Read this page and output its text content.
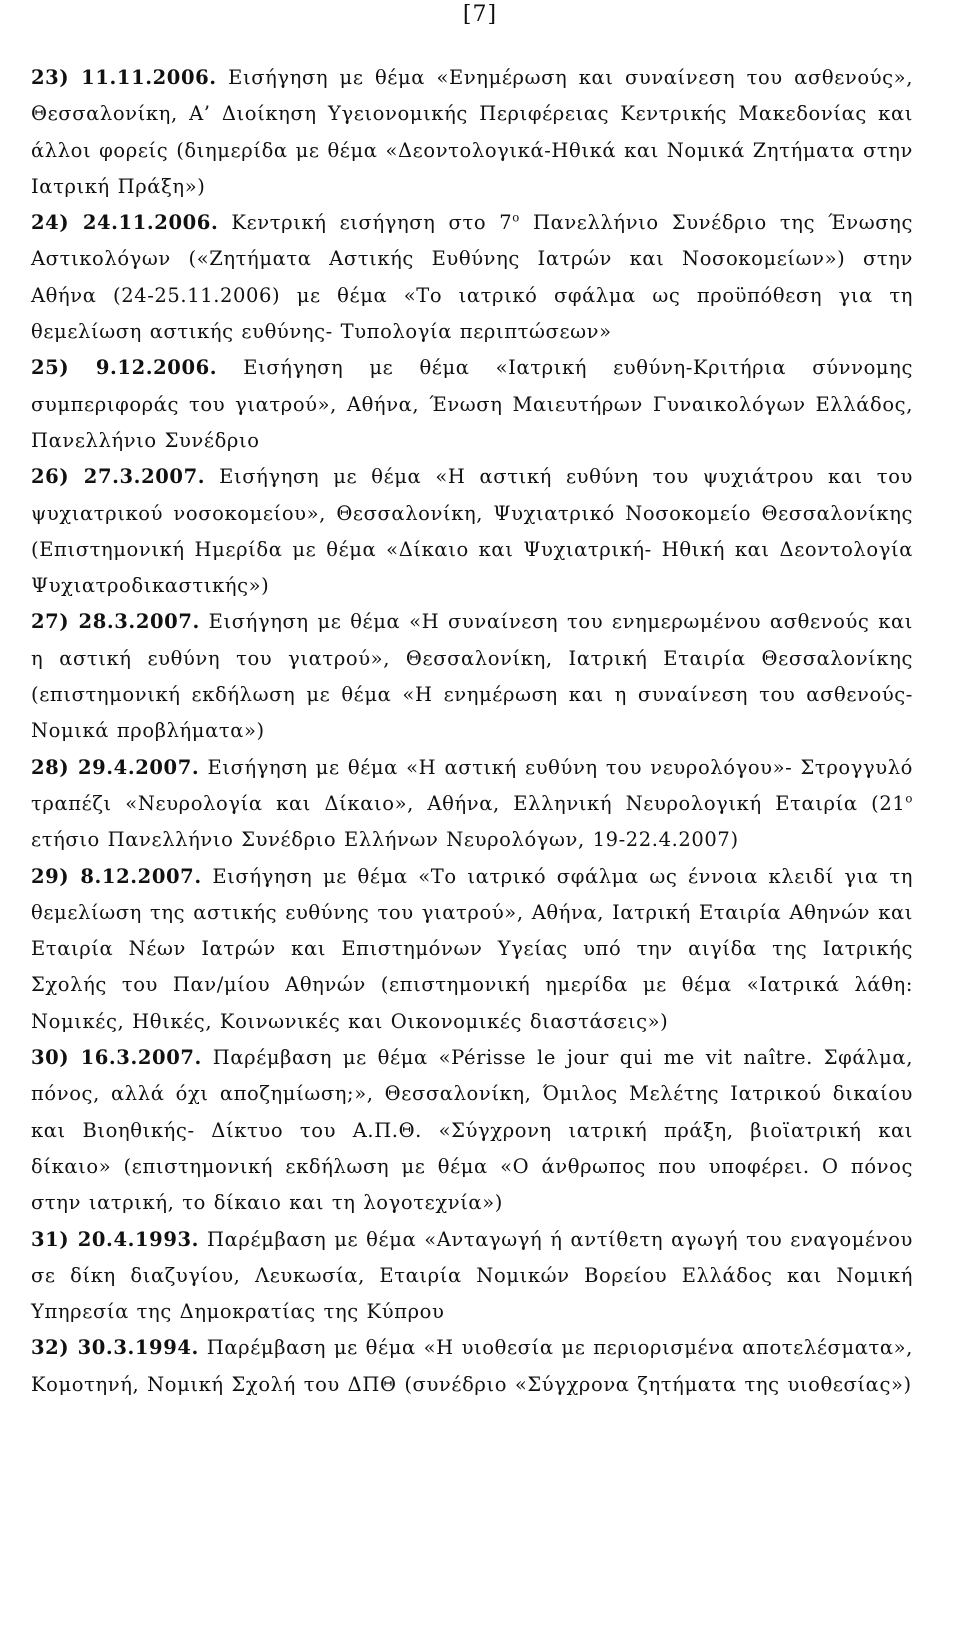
[7]

23) 11.11.2006. Εισήγηση με θέμα «Ενημέρωση και συναίνεση του ασθενούς», Θεσσαλονίκη, Α’ Διοίκηση Υγειονομικής Περιφέρειας Κεντρικής Μακεδονίας και άλλοι φορείς (διημερίδα με θέμα «Δεοντολογικά-Ηθικά και Νομικά Ζητήματα στην Ιατρική Πράξη»)

24) 24.11.2006. Κεντρική εισήγηση στο $7^o$ Πανελλήνιο Συνέδριο της Ένωσης Αστικολόγων («Ζητήματα Αστικής Ευθύνης Ιατρών και Νοσοκομείων») στην Αθήνα (24-25.11.2006) με θέμα «Το ιατρικό σφάλμα ως προϋπόθεση για τη θεμελίωση αστικής ευθύνης- Τυπολογία περιπτώσεων»

25) 9.12.2006. Εισήγηση με θέμα «Ιατρική ευθύνη-Κριτήρια σύννομης συμπεριφοράς του γιατρού», Αθήνα, Ένωση Μαιευτήρων Γυναικολόγων Ελλάδος, Πανελλήνιο Συνέδριο

26) 27.3.2007. Εισήγηση με θέμα «Η αστική ευθύνη του ψυχιάτρου και του ψυχιατρικού νοσοκομείου», Θεσσαλονίκη, Ψυχιατρικό Νοσοκομείο Θεσσαλονίκης (Επιστημονική Ημερίδα με θέμα «Δίκαιο και Ψυχιατρική- Ηθική και Δεοντολογία Ψυχιατροδικαστικής»)

27) 28.3.2007. Εισήγηση με θέμα «Η συναίνεση του ενημερωμένου ασθενούς και η αστική ευθύνη του γιατρού», Θεσσαλονίκη, Ιατρική Εταιρία Θεσσαλονίκης (επιστημονική εκδήλωση με θέμα «Η ενημέρωση και η συναίνεση του ασθενούς- Νομικά προβλήματα»)

28) 29.4.2007. Εισήγηση με θέμα «Η αστική ευθύνη του νευρολόγου»- Στρογγυλό τραπέζι «Νευρολογία και Δίκαιο», Αθήνα, Ελληνική Νευρολογική Εταιρία ($21^o$ ετήσιο Πανελλήνιο Συνέδριο Ελλήνων Νευρολόγων, 19-22.4.2007)

29) 8.12.2007. Εισήγηση με θέμα «Το ιατρικό σφάλμα ως έννοια κλειδί για τη θεμελίωση της αστικής ευθύνης του γιατρού», Αθήνα, Ιατρική Εταιρία Αθηνών και Εταιρία Νέων Ιατρών και Επιστημόνων Υγείας υπό την αιγίδα της Ιατρικής Σχολής του Παν/μίου Αθηνών (επιστημονική ημερίδα με θέμα «Ιατρικά λάθη: Νομικές, Ηθικές, Κοινωνικές και Οικονομικές διαστάσεις»)

30) 16.3.2007. Παρέμβαση με θέμα «Périsse le jour qui me vit naître. Σφάλμα, πόνος, αλλά όχι αποζημίωση;», Θεσσαλονίκη, Όμιλος Μελέτης Ιατρικού δικαίου και Βιοηθικής- Δίκτυο του Α.Π.Θ. «Σύγχρονη ιατρική πράξη, βιοϊατρική και δίκαιο» (επιστημονική εκδήλωση με θέμα «Ο άνθρωπος που υποφέρει. Ο πόνος στην ιατρική, το δίκαιο και τη λογοτεχνία»)

31) 20.4.1993. Παρέμβαση με θέμα «Ανταγωγή ή αντίθετη αγωγή του εναγομένου σε δίκη διαζυγίου, Λευκωσία, Εταιρία Νομικών Βορείου Ελλάδος και Νομική Υπηρεσία της Δημοκρατίας της Κύπρου

32) 30.3.1994. Παρέμβαση με θέμα «Η υιοθεσία με περιορισμένα αποτελέσματα», Κομοτηνή, Νομική Σχολή του ΔΠΘ (συνέδριο «Σύγχρονα ζητήματα της υιοθεσίας»)
